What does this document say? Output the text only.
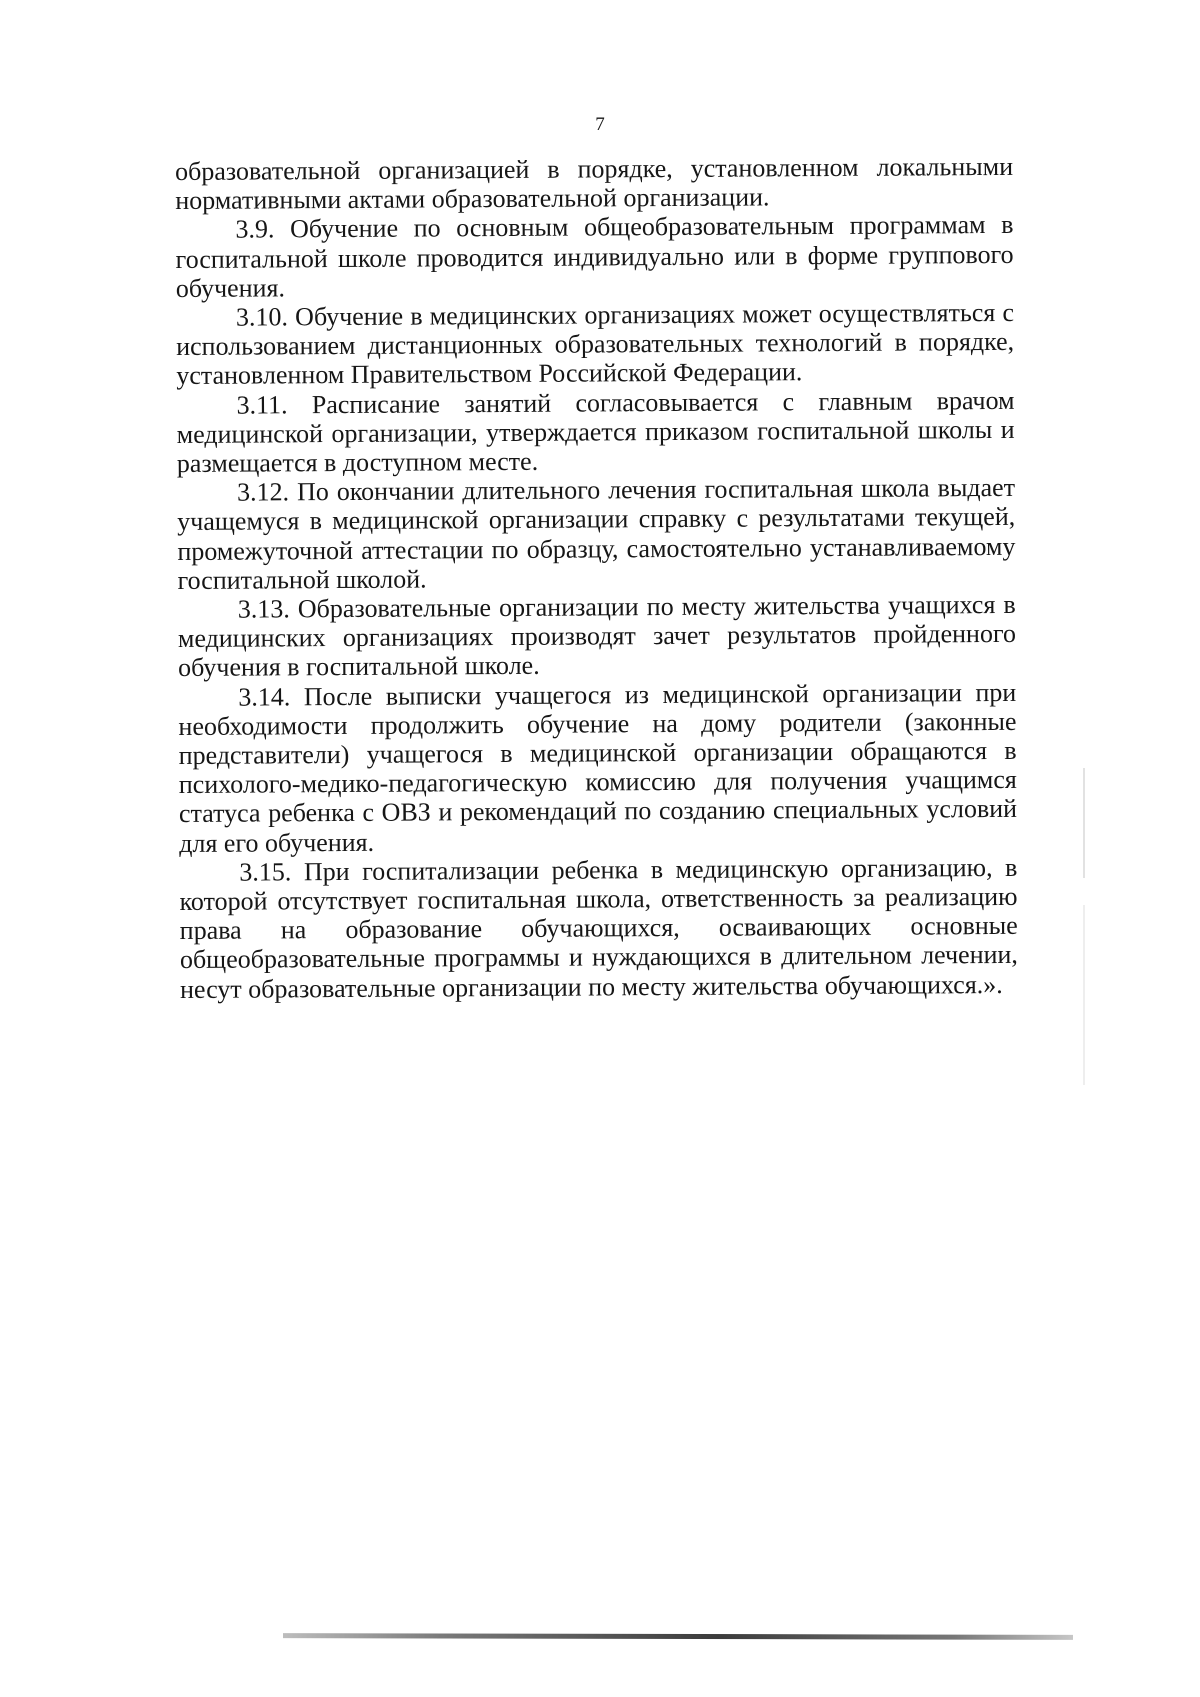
7

образовательной организацией в порядке, установленном локальными нормативными актами образовательной организации.

3.9. Обучение по основным общеобразовательным программам в госпитальной школе проводится индивидуально или в форме группового обучения.

3.10. Обучение в медицинских организациях может осуществляться с использованием дистанционных образовательных технологий в порядке, установленном Правительством Российской Федерации.

3.11. Расписание занятий согласовывается с главным врачом медицинской организации, утверждается приказом госпитальной школы и размещается в доступном месте.

3.12. По окончании длительного лечения госпитальная школа выдает учащемуся в медицинской организации справку с результатами текущей, промежуточной аттестации по образцу, самостоятельно устанавливаемому госпитальной школой.

3.13. Образовательные организации по месту жительства учащихся в медицинских организациях производят зачет результатов пройденного обучения в госпитальной школе.

3.14. После выписки учащегося из медицинской организации при необходимости продолжить обучение на дому родители (законные представители) учащегося в медицинской организации обращаются в психолого-медико-педагогическую комиссию для получения учащимся статуса ребенка с ОВЗ и рекомендаций по созданию специальных условий для его обучения.

3.15. При госпитализации ребенка в медицинскую организацию, в которой отсутствует госпитальная школа, ответственность за реализацию права на образование обучающихся, осваивающих основные общеобразовательные программы и нуждающихся в длительном лечении, несут образовательные организации по месту жительства обучающихся.».
